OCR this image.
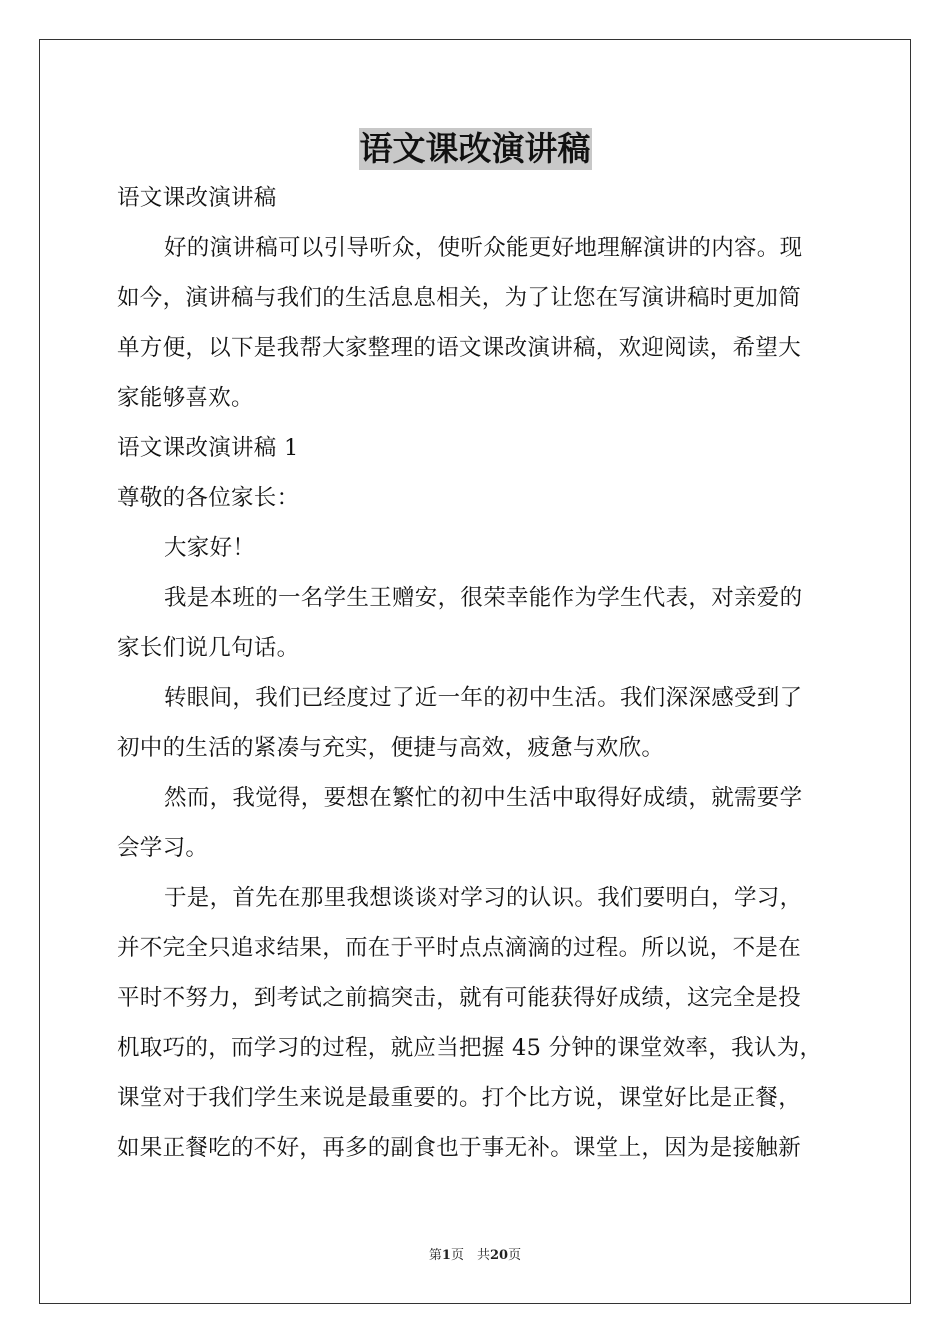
语文课改演讲稿
语文课改演讲稿
好的演讲稿可以引导听众，使听众能更好地理解演讲的内容。现
如今，演讲稿与我们的生活息息相关，为了让您在写演讲稿时更加简
单方便，以下是我帮大家整理的语文课改演讲稿，欢迎阅读，希望大
家能够喜欢。
语文课改演讲稿 1
尊敬的各位家长：
大家好！
我是本班的一名学生王赠安，很荣幸能作为学生代表，对亲爱的
家长们说几句话。
转眼间，我们已经度过了近一年的初中生活。我们深深感受到了
初中的生活的紧凑与充实，便捷与高效，疲惫与欢欣。
然而，我觉得，要想在繁忙的初中生活中取得好成绩，就需要学
会学习。
于是，首先在那里我想谈谈对学习的认识。我们要明白，学习，
并不完全只追求结果，而在于平时点点滴滴的过程。所以说，不是在
平时不努力，到考试之前搞突击，就有可能获得好成绩，这完全是投
机取巧的，而学习的过程，就应当把握 45 分钟的课堂效率，我认为，
课堂对于我们学生来说是最重要的。打个比方说，课堂好比是正餐，
如果正餐吃的不好，再多的副食也于事无补。课堂上，因为是接触新
第1页　共20页
